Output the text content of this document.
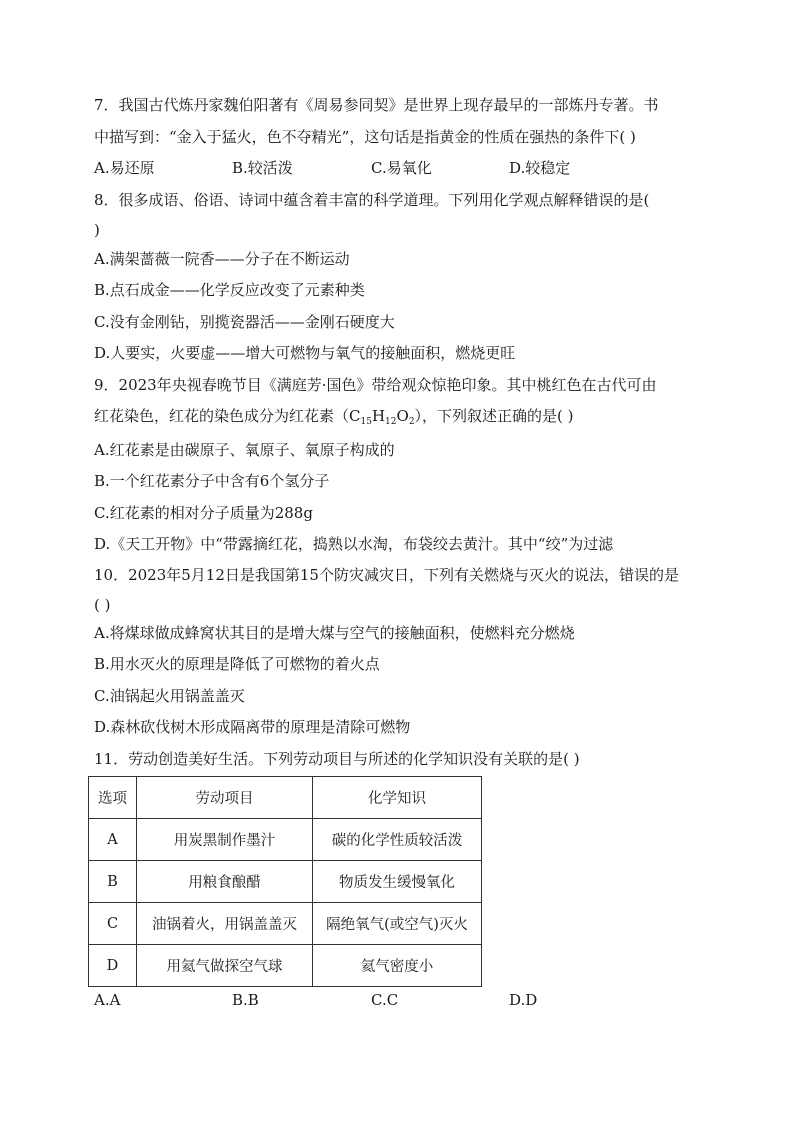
7．我国古代炼丹家魏伯阳著有《周易参同契》是世界上现存最早的一部炼丹专著。书
中描写到：“金入于猛火，色不夺精光”，这句话是指黄金的性质在强热的条件下( )
A.易还原	B.较活泼	C.易氧化	D.较稳定
8．很多成语、俗语、诗词中蕴含着丰富的科学道理。下列用化学观点解释错误的是(
)
A.满架蔷薇一院香——分子在不断运动
B.点石成金——化学反应改变了元素种类
C.没有金刚钻，别揽瓷器活——金刚石硬度大
D.人要实，火要虚——增大可燃物与氧气的接触面积，燃烧更旺
9．2023年央视春晚节目《满庭芳·国色》带给观众惊艳印象。其中桃红色在古代可由
红花染色，红花的染色成分为红花素$(C_{15}H_{12}O_2)$，下列叙述正确的是( )
A.红花素是由碳原子、氧原子、氧原子构成的
B.一个红花素分子中含有6个氢分子
C.红花素的相对分子质量为288g
D.《天工开物》中“带露摘红花，捣熟以水淘，布袋绞去黄汁。其中“绞”为过滤
10．2023年5月12日是我国第15个防灾减灾日，下列有关燃烧与灭火的说法，错误的是
( )
A.将煤球做成蜂窝状其目的是增大煤与空气的接触面积，使燃料充分燃烧
B.用水灭火的原理是降低了可燃物的着火点
C.油锅起火用锅盖盖灭
D.森林砍伐树木形成隔离带的原理是清除可燃物
11．劳动创造美好生活。下列劳动项目与所述的化学知识没有关联的是( )
选项	劳动项目	化学知识
A	用炭黑制作墨汁	碳的化学性质较活泼
B	用粮食酿醋	物质发生缓慢氧化
C	油锅着火，用锅盖盖灭	隔绝氧气(或空气)灭火
D	用氦气做探空气球	氦气密度小
A.A	B.B	C.C	D.D
